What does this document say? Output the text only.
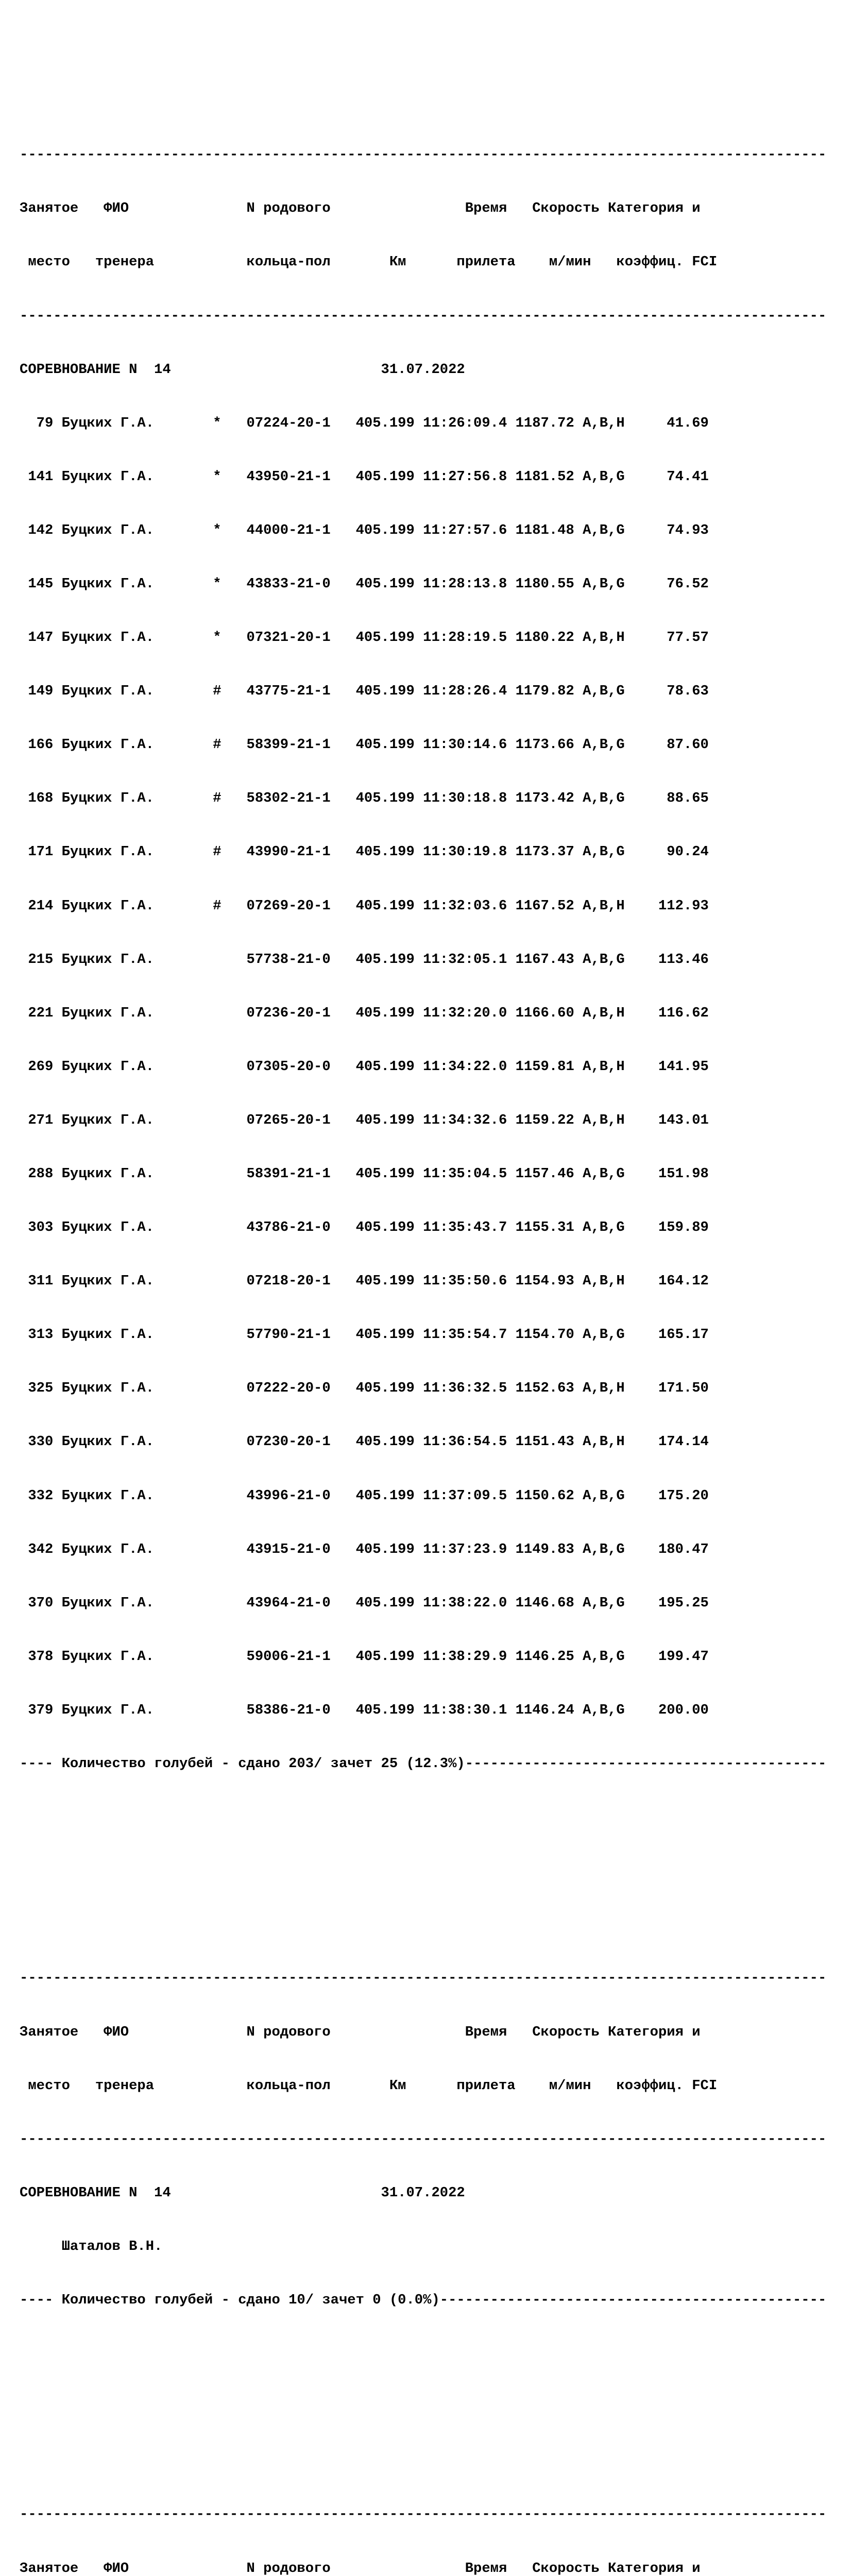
------------------------------------------------------------------------------------------------

Занятое   ФИО              N родового                Время   Скорость Категория и

место   тренера           кольца-пол       Км      прилета    м/мин   коэффиц. FCI

------------------------------------------------------------------------------------------------

СОРЕВНОВАНИЕ N  14                         31.07.2022

79 Буцких Г.А.       *   07224-20-1   405.199 11:26:09.4 1187.72 A,B,H     41.69

141 Буцких Г.А.       *   43950-21-1   405.199 11:27:56.8 1181.52 A,B,G     74.41

142 Буцких Г.А.       *   44000-21-1   405.199 11:27:57.6 1181.48 A,B,G     74.93

145 Буцких Г.А.       *   43833-21-0   405.199 11:28:13.8 1180.55 A,B,G     76.52

147 Буцких Г.А.       *   07321-20-1   405.199 11:28:19.5 1180.22 A,B,H     77.57

149 Буцких Г.А.       #   43775-21-1   405.199 11:28:26.4 1179.82 A,B,G     78.63

166 Буцких Г.А.       #   58399-21-1   405.199 11:30:14.6 1173.66 A,B,G     87.60

168 Буцких Г.А.       #   58302-21-1   405.199 11:30:18.8 1173.42 A,B,G     88.65

171 Буцких Г.А.       #   43990-21-1   405.199 11:30:19.8 1173.37 A,B,G     90.24

214 Буцких Г.А.       #   07269-20-1   405.199 11:32:03.6 1167.52 A,B,H    112.93

215 Буцких Г.А.           57738-21-0   405.199 11:32:05.1 1167.43 A,B,G    113.46

221 Буцких Г.А.           07236-20-1   405.199 11:32:20.0 1166.60 A,B,H    116.62

269 Буцких Г.А.           07305-20-0   405.199 11:34:22.0 1159.81 A,B,H    141.95

271 Буцких Г.А.           07265-20-1   405.199 11:34:32.6 1159.22 A,B,H    143.01

288 Буцких Г.А.           58391-21-1   405.199 11:35:04.5 1157.46 A,B,G    151.98

303 Буцких Г.А.           43786-21-0   405.199 11:35:43.7 1155.31 A,B,G    159.89

311 Буцких Г.А.           07218-20-1   405.199 11:35:50.6 1154.93 A,B,H    164.12

313 Буцких Г.А.           57790-21-1   405.199 11:35:54.7 1154.70 A,B,G    165.17

325 Буцких Г.А.           07222-20-0   405.199 11:36:32.5 1152.63 A,B,H    171.50

330 Буцких Г.А.           07230-20-1   405.199 11:36:54.5 1151.43 A,B,H    174.14

332 Буцких Г.А.           43996-21-0   405.199 11:37:09.5 1150.62 A,B,G    175.20

342 Буцких Г.А.           43915-21-0   405.199 11:37:23.9 1149.83 A,B,G    180.47

370 Буцких Г.А.           43964-21-0   405.199 11:38:22.0 1146.68 A,B,G    195.25

378 Буцких Г.А.           59006-21-1   405.199 11:38:29.9 1146.25 A,B,G    199.47

379 Буцких Г.А.           58386-21-0   405.199 11:38:30.1 1146.24 A,B,G    200.00

---- Количество голубей - сдано 203/ зачет 25 (12.3%)-------------------------------------------

------------------------------------------------------------------------------------------------

Занятое   ФИО              N родового                Время   Скорость Категория и

место   тренера           кольца-пол       Км      прилета    м/мин   коэффиц. FCI

------------------------------------------------------------------------------------------------

СОРЕВНОВАНИЕ N  14                         31.07.2022

Шаталов В.Н.

---- Количество голубей - сдано 10/ зачет 0 (0.0%)----------------------------------------------

------------------------------------------------------------------------------------------------

Занятое   ФИО              N родового                Время   Скорость Категория и
